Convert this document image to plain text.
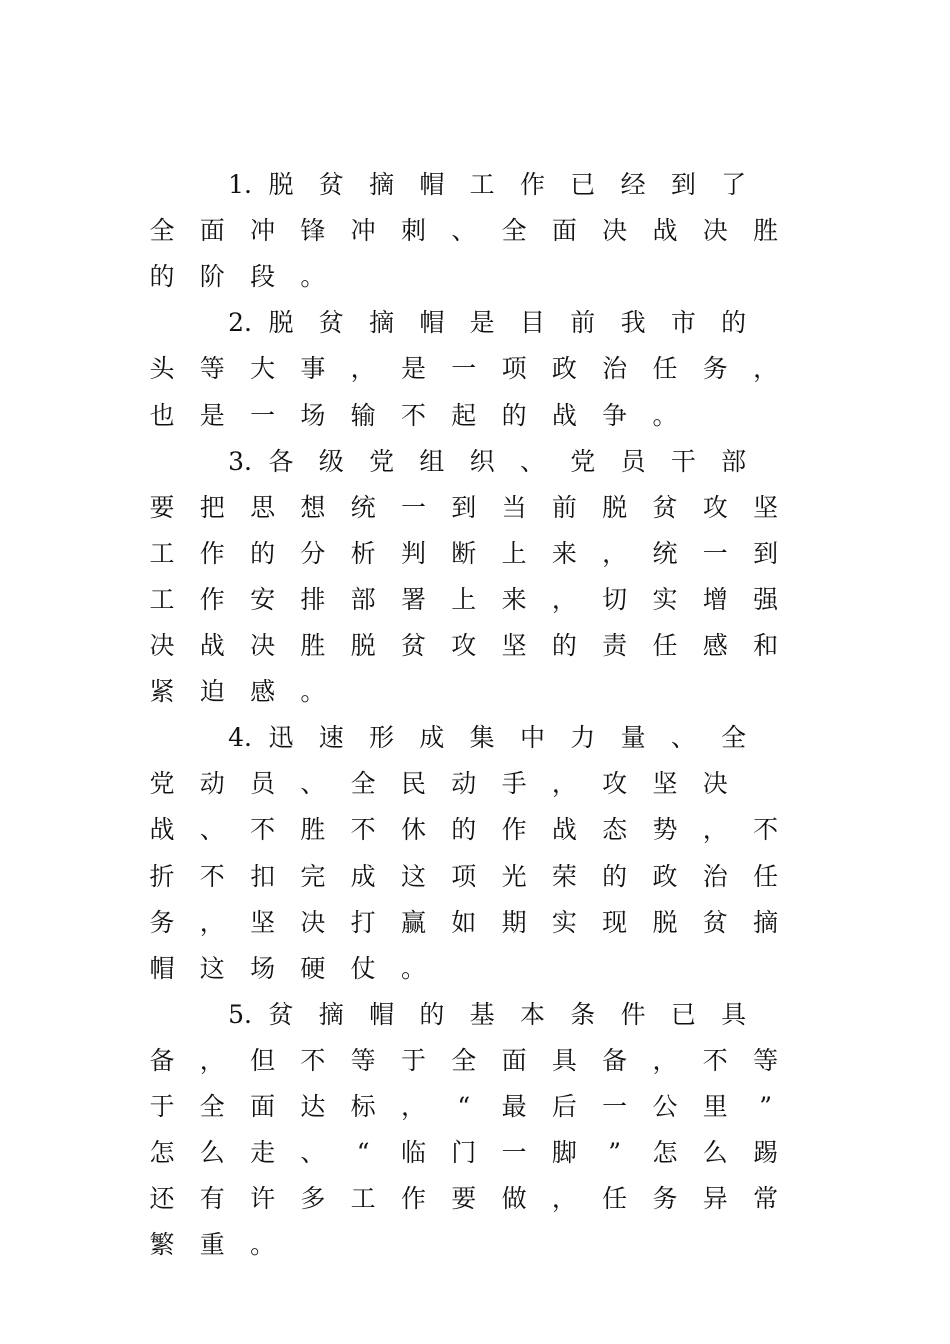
1. 脱 贫 摘 帽 工 作 已 经 到 了
全 面 冲 锋 冲 刺 、 全 面 决 战 决 胜
的 阶 段 。
2. 脱 贫 摘 帽 是 目 前 我 市 的
头 等 大 事 ， 是 一 项 政 治 任 务 ，
也 是 一 场 输 不 起 的 战 争 。
3. 各 级 党 组 织 、 党 员 干 部
要 把 思 想 统 一 到 当 前 脱 贫 攻 坚
工 作 的 分 析 判 断 上 来 ， 统 一 到
工 作 安 排 部 署 上 来 ， 切 实 增 强
决 战 决 胜 脱 贫 攻 坚 的 责 任 感 和
紧 迫 感 。
4. 迅 速 形 成 集 中 力 量 、 全
党 动 员 、 全 民 动 手 ， 攻 坚 决
战 、 不 胜 不 休 的 作 战 态 势 ， 不
折 不 扣 完 成 这 项 光 荣 的 政 治 任
务 ， 坚 决 打 赢 如 期 实 现 脱 贫 摘
帽 这 场 硬 仗 。
5. 贫 摘 帽 的 基 本 条 件 已 具
备 ， 但 不 等 于 全 面 具 备 ， 不 等
于 全 面 达 标 ，	“	最 后 一 公 里	”
怎 么 走 、	“	临 门 一 脚	”	怎 么 踢
还 有 许 多 工 作 要 做 ， 任 务 异 常
繁 重 。
